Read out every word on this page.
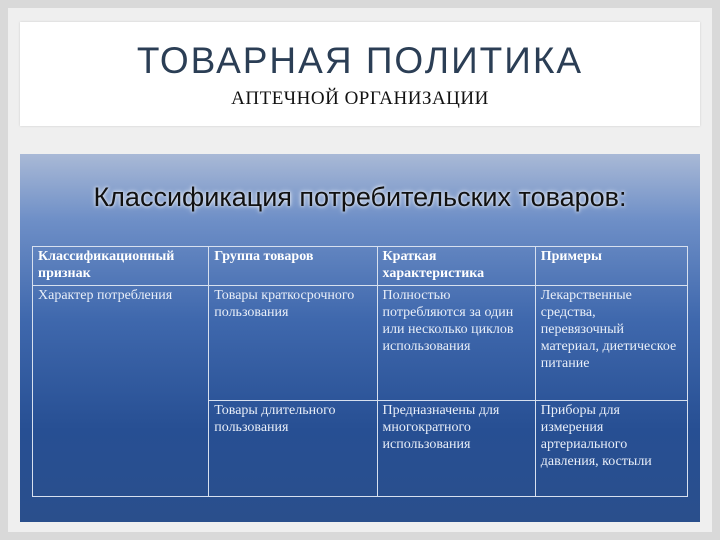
ТОВАРНАЯ ПОЛИТИКА
АПТЕЧНОЙ ОРГАНИЗАЦИИ
Классификация потребительских товаров:
Классификационный признак	Группа товаров	Краткая характеристика	Примеры
Характер потребления	Товары краткосрочного пользования	Полностью потребляются за один или несколько циклов использования	Лекарственные средства, перевязочный материал, диетическое питание
	Товары длительного пользования	Предназначены для многократного использования	Приборы для измерения артериального давления, костыли
